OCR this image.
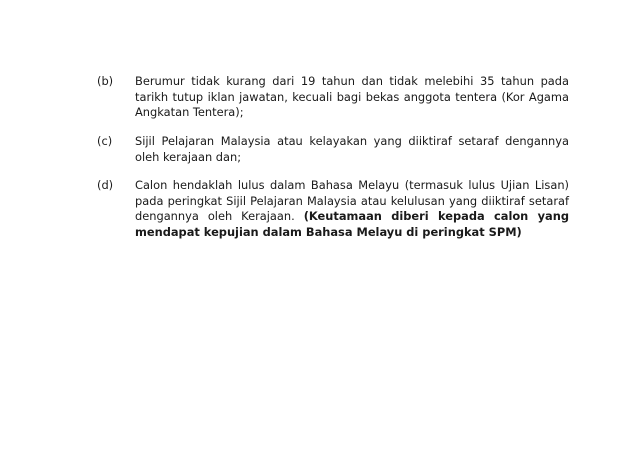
(b)	Berumur tidak kurang dari 19 tahun dan tidak melebihi 35 tahun pada tarikh tutup iklan jawatan, kecuali bagi bekas anggota tentera (Kor Agama Angkatan Tentera);
(c)	Sijil Pelajaran Malaysia atau kelayakan yang diiktiraf setaraf dengannya oleh kerajaan dan;
(d)	Calon hendaklah lulus dalam Bahasa Melayu (termasuk lulus Ujian Lisan) pada peringkat Sijil Pelajaran Malaysia atau kelulusan yang diiktiraf setaraf dengannya oleh Kerajaan. (Keutamaan diberi kepada calon yang mendapat kepujian dalam Bahasa Melayu di peringkat SPM)
